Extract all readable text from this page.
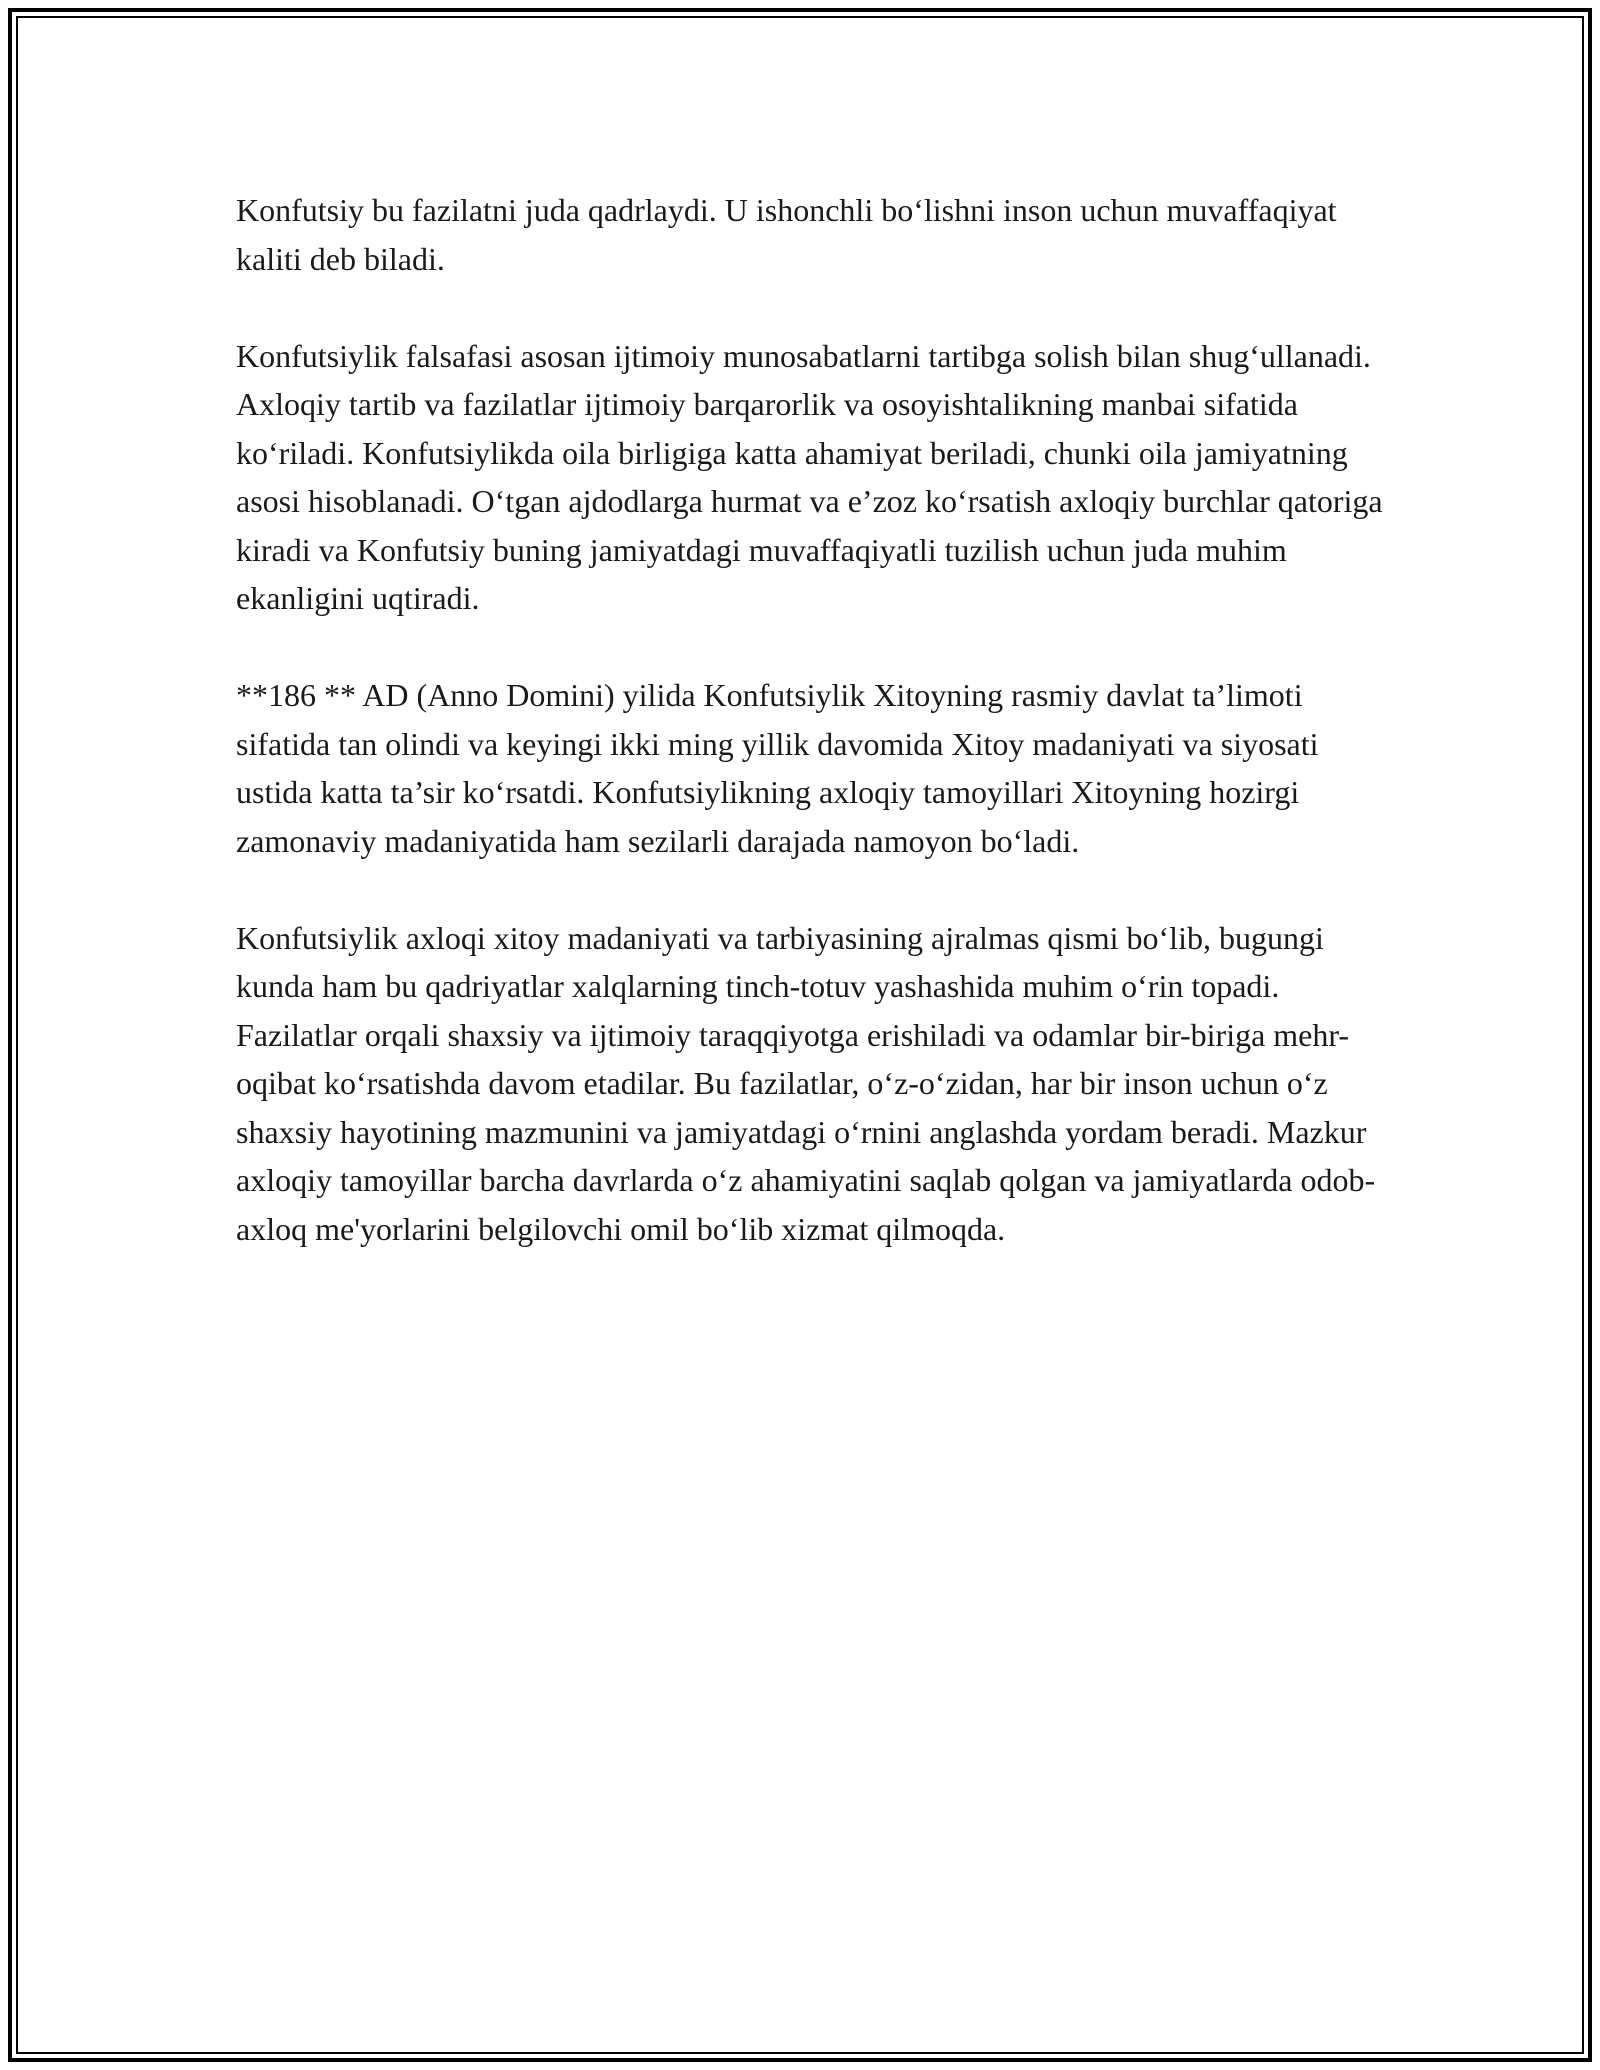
Konfutsiy bu fazilatni juda qadrlaydi. U ishonchli bo‘lishni inson uchun muvaffaqiyat kaliti deb biladi.

Konfutsiylik falsafasi asosan ijtimoiy munosabatlarni tartibga solish bilan shug‘ullanadi. Axloqiy tartib va fazilatlar ijtimoiy barqarorlik va osoyishtalikning manbai sifatida ko‘riladi. Konfutsiylikda oila birligiga katta ahamiyat beriladi, chunki oila jamiyatning asosi hisoblanadi. O‘tgan ajdodlarga hurmat va e’zoz ko‘rsatish axloqiy burchlar qatoriga kiradi va Konfutsiy buning jamiyatdagi muvaffaqiyatli tuzilish uchun juda muhim ekanligini uqtiradi.

**186 ** AD (Anno Domini) yilida Konfutsiylik Xitoyning rasmiy davlat ta’limoti sifatida tan olindi va keyingi ikki ming yillik davomida Xitoy madaniyati va siyosati ustida katta ta’sir ko‘rsatdi. Konfutsiylikning axloqiy tamoyillari Xitoyning hozirgi zamonaviy madaniyatida ham sezilarli darajada namoyon bo‘ladi.

Konfutsiylik axloqi xitoy madaniyati va tarbiyasining ajralmas qismi bo‘lib, bugungi kunda ham bu qadriyatlar xalqlarning tinch-totuv yashashida muhim o‘rin topadi. Fazilatlar orqali shaxsiy va ijtimoiy taraqqiyotga erishiladi va odamlar bir-biriga mehr-oqibat ko‘rsatishda davom etadilar. Bu fazilatlar, o‘z-o‘zidan, har bir inson uchun o‘z shaxsiy hayotining mazmunini va jamiyatdagi o‘rnini anglashda yordam beradi. Mazkur axloqiy tamoyillar barcha davrlarda o‘z ahamiyatini saqlab qolgan va jamiyatlarda odob-axloq me'yorlarini belgilovchi omil bo‘lib xizmat qilmoqda.
